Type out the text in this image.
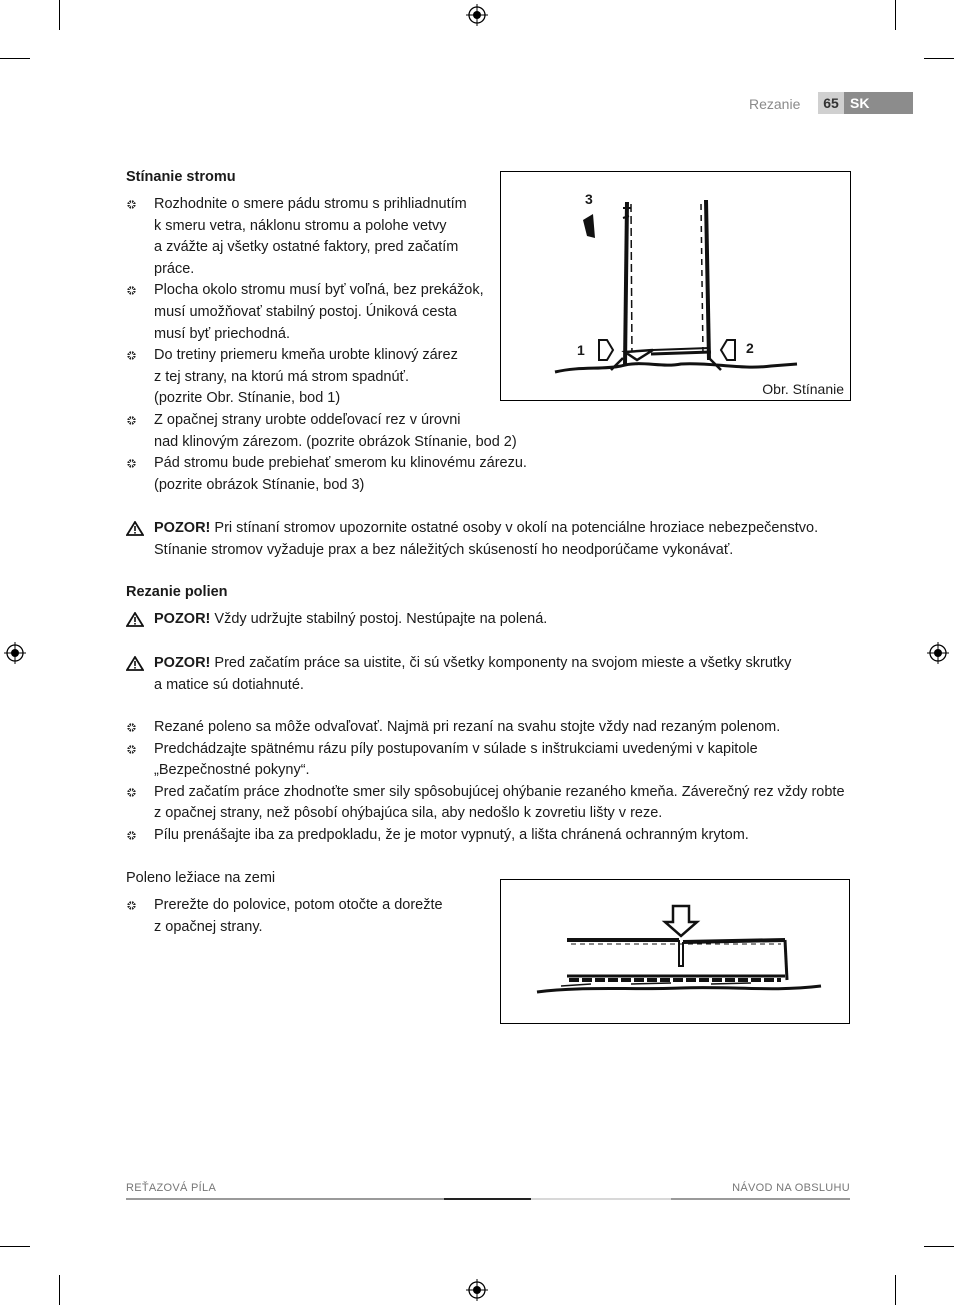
Rezanie	65 SK
Stínanie stromu
Rozhodnite o smere pádu stromu s prihliadnutím
k smeru vetra, náklonu stromu a polohe vetvy
a zvážte aj všetky ostatné faktory, pred začatím
práce.
Plocha okolo stromu musí byť voľná, bez prekážok,
musí umožňovať stabilný postoj. Úniková cesta
musí byť priechodná.
Do tretiny priemeru kmeňa urobte klinový zárez
z tej strany, na ktorú má strom spadnúť.
(pozrite Obr. Stínanie, bod 1)
Z opačnej strany urobte oddeľovací rez v úrovni
nad klinovým zárezom. (pozrite obrázok Stínanie, bod 2)
Pád stromu bude prebiehať smerom ku klinovému zárezu.
(pozrite obrázok Stínanie, bod 3)
3
1	2
Obr. Stínanie
POZOR! Pri stínaní stromov upozornite ostatné osoby v okolí na potenciálne hroziace nebezpečenstvo.
Stínanie stromov vyžaduje prax a bez náležitých skúseností ho neodporúčame vykonávať.
Rezanie polien
POZOR! Vždy udržujte stabilný postoj. Nestúpajte na polená.
POZOR! Pred začatím práce sa uistite, či sú všetky komponenty na svojom mieste a všetky skrutky
a matice sú dotiahnuté.
Rezané poleno sa môže odvaľovať. Najmä pri rezaní na svahu stojte vždy nad rezaným polenom.
Predchádzajte spätnému rázu píly postupovaním v súlade s inštrukciami uvedenými v kapitole
„Bezpečnostné pokyny“.
Pred začatím práce zhodnoťte smer sily spôsobujúcej ohýbanie rezaného kmeňa. Záverečný rez vždy robte
z opačnej strany, než pôsobí ohýbajúca sila, aby nedošlo k zovretiu lišty v reze.
Pílu prenášajte iba za predpokladu, že je motor vypnutý, a lišta chránená ochranným krytom.
Poleno ležiace na zemi
Prerežte do polovice, potom otočte a dorežte
z opačnej strany.
REŤAZOVÁ PÍLA	NÁVOD NA OBSLUHU
